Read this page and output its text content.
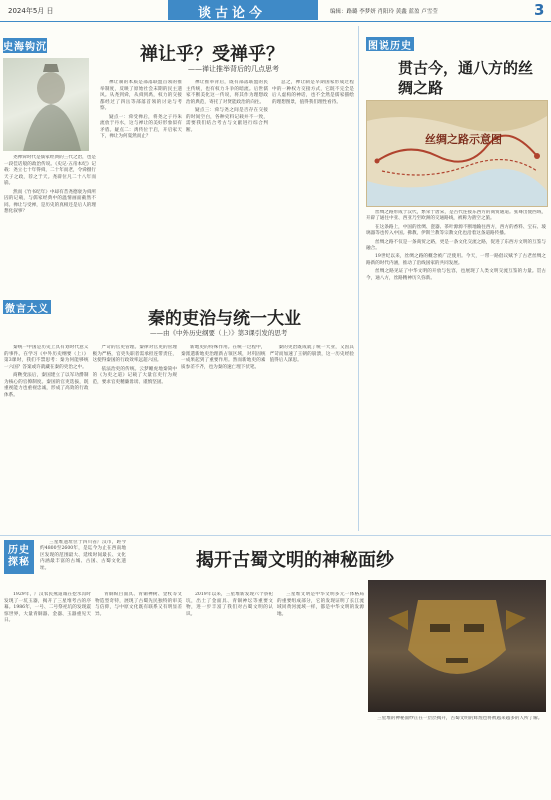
2024年5月 日	谈古论今	编辑：路璐 李梦妍 肖阳玲 黄鑫 蓝盈 卢雪莹	3
史海钩沉	禅让乎？受禅乎？
——禅让推举背后的几点思考

尧禅舜时代是儒家经典的三代之治，也是一段佳话般的政治传说。《史记·五帝本纪》记载：尧立七十年得舜，二十年而老，令舜摄行天子之政，荐之于天。尧辟位凡二十八年而崩。

然而《竹书纪年》中却有昔尧德衰为舜所囚的记载，与儒家经典中的温情画面截然不同。禅让与受禅，是历史的真相还是后人的理想化叙事？

禅让制的本质是部落联盟首领的推举制度，反映了原始社会末期的民主遗风。从尧到舜，从舜到禹，权力的交接都经过了四岳等部落首领的讨论与考察。

疑点一：舜受禅后，将尧之子丹朱流放于丹水，这与禅让的美好形象似有矛盾。疑点二：禹传位于启，开启家天下，禅让为何戛然而止？

禅让推举背后，既有部落联盟的民主传统，也有权力斗争的暗流。后世儒家不断美化这一传说，将其作为理想政治的典范，寄托了对贤能政治的向往。

疑点三：舜与尧之间是否存在交接的时间空白，各种史料记载并不一致，需要我们结合考古与文献进行综合判断。

总之，禅让制是早期国家形成过程中的一种权力交接方式，它既不完全是后人虚构的神话，也不全然是儒家描绘的理想图景，值得我们理性看待。

图说历史
贯古今，通八方的丝绸之路
丝绸之路示意图

丝绸之路形成于汉代，繁荣于唐宋，是古代连接东西方的商贸通道。张骞出使西域，开辟了通往中亚、西亚乃至欧洲的交通路线，被称为凿空之旅。

在这条路上，中国的丝绸、瓷器、茶叶源源不断地输往西方，西方的香料、宝石、玻璃器等也传入中国。佛教、伊斯兰教等宗教文化也沿着这条道路传播。

丝绸之路不仅是一条商贸之路，更是一条文化交流之路，促进了东西方文明的互鉴与融合。

19世纪以来，丝绸之路的概念被广泛使用。今天，一带一路倡议赋予了古老丝绸之路新的时代内涵，推动了沿线国家的共同发展。

丝绸之路见证了中华文明的开放与包容，也展现了人类文明交流互鉴的力量。贯古今，通八方，丝路精神历久弥新。

微言大义	秦的吏治与统一大业
——由《中外历史纲要（上）》第3课引发的思考

秦统一中国是历史上具有划时代意义的事件。在学习《中外历史纲要（上）》第3课时，我们不禁思考：秦为何能够统一六国？答案或许就藏在秦的吏治之中。

商鞅变法后，秦国建立了以军功爵制为核心的官僚制度。秦国的官吏选拔，既重视能力也重视忠诚，形成了高效的行政体系。

严苛的官吏管理。秦律对官吏的管理极为严格，官吏失职者需承担连带责任，这使得秦国的行政效率远超六国。

依法治吏的传统。云梦睡虎地秦简中的《为吏之道》记载了大量官吏行为规范，要求官吏精廉毋谤、谨慎坚固。

新地吏的特殊作用。在统一过程中，秦派遣新地吏治理新占领区域，对巩固统一成果起到了重要作用。然而新地吏的素质参差不齐，也为秦的速亡埋下伏笔。

秦的吏治既成就了统一大业，又因其严苛而加速了王朝的崩溃，这一历史经验值得后人深思。

历史探秘	揭开古蜀文明的神秘面纱

三星堆遗址位于四川省广汉市，距今约4800至2600年，是迄今为止在西南地区发现的范围最大、延续时间最长、文化内涵最丰富的古城、古国、古蜀文化遗址。

1929年，广汉农民燕道诚在挖水沟时发现了一坑玉器，揭开了三星堆考古的序幕。1986年，一号、二号祭祀坑的发现震惊世界，大量青铜器、金器、玉器重见天日。

青铜纵目面具、青铜神树、金杖等文物造型奇特，展现了古蜀先民独特的审美与信仰，与中原文化既有联系又有明显差异。

2019年以来，三星堆新发现六个祭祀坑，出土了金面具、青铜神坛等重要文物，进一步丰富了我们对古蜀文明的认识。

三星堆文明是中华文明多元一体格局的重要组成部分，它的发现证明了长江流域同黄河流域一样，都是中华文明的发源地。

三星堆的神秘面纱正在一层层揭开，古蜀文明的辉煌也将被越来越多的人所了解。
